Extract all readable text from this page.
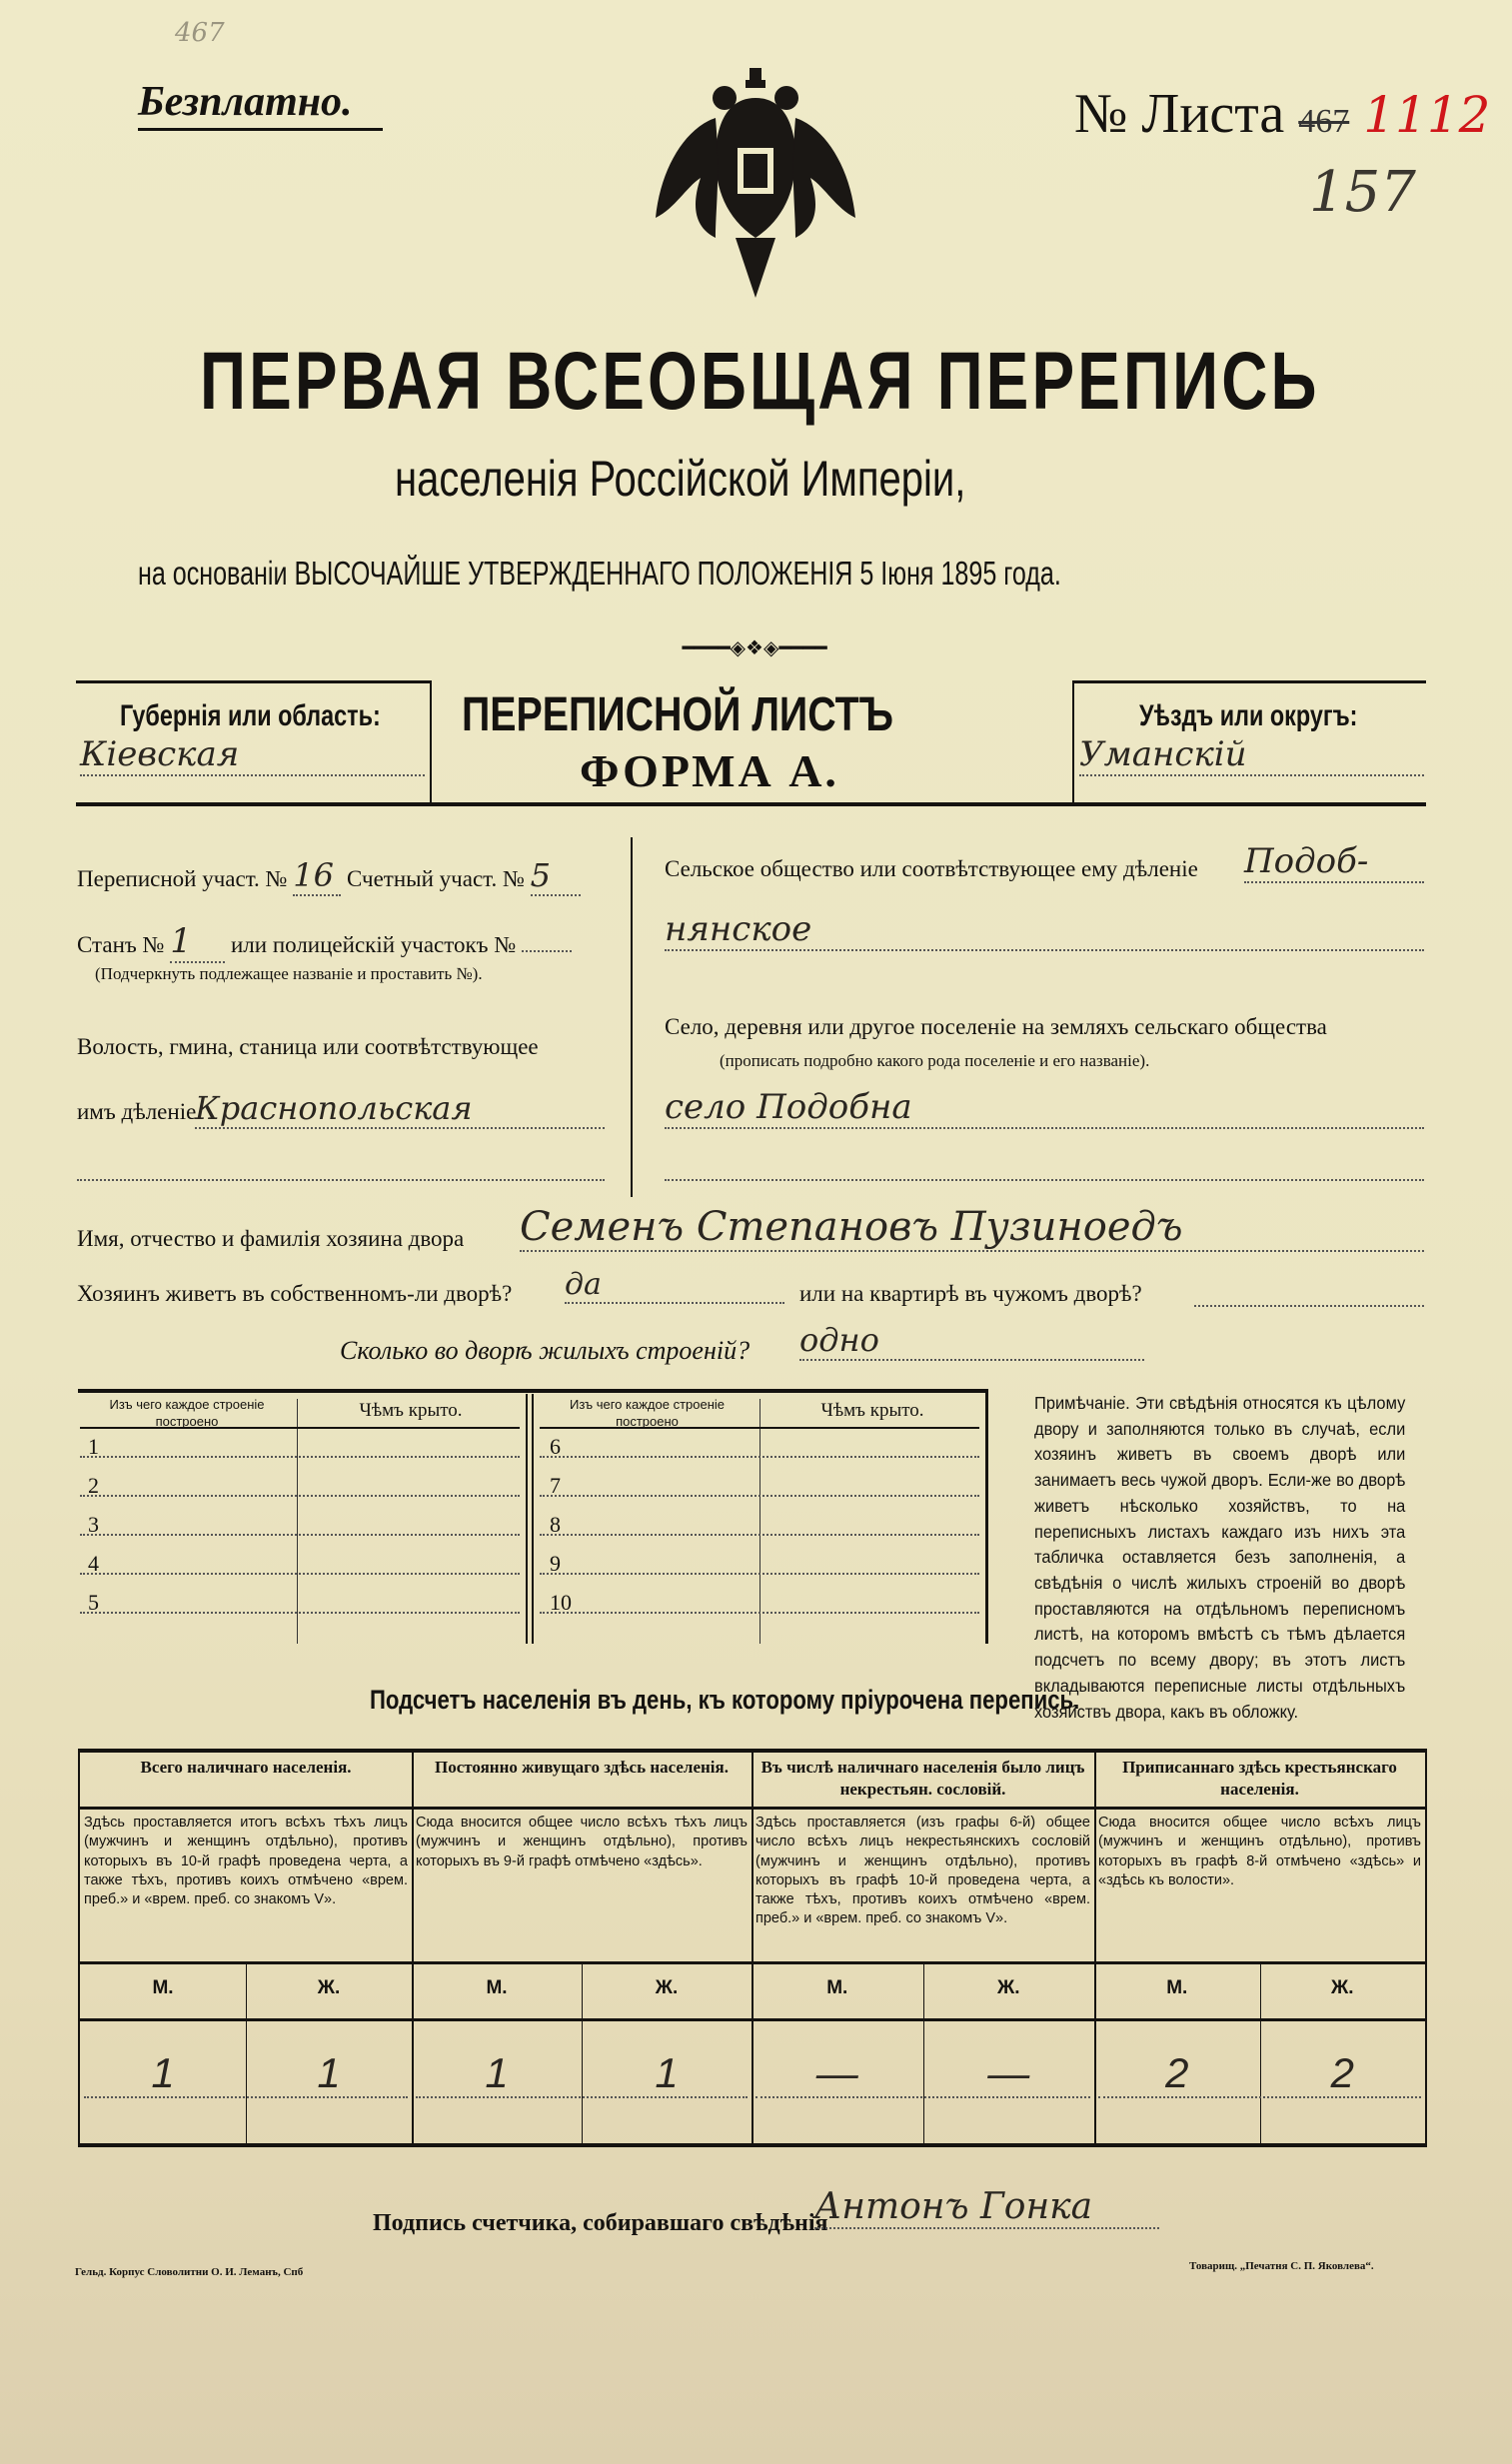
467
157
Безплатно.	№ Листа 467 1112
ПЕРВАЯ ВСЕОБЩАЯ ПЕРЕПИСЬ
населенія Россійской Имперіи,
на основаніи ВЫСОЧАЙШЕ УТВЕРЖДЕННАГО ПОЛОЖЕНІЯ 5 Іюня 1895 года.
━━━━◈❖◈━━━━
Губернія или область:
Кіевская
ПЕРЕПИСНОЙ ЛИСТЪ
ФОРМА А.
Уѣздъ или округъ:
Уманскій
Переписной участ. № 16 Счетный участ. № 5
Станъ № 1 или полицейскій участокъ №
(Подчеркнуть подлежащее названіе и проставить №).
Волость, гмина, станица или соотвѣтствующее
имъ дѣленіе
Краснопольская
Сельское общество или соотвѣтствующее ему дѣленіе Подоб-
нянское
Село, деревня или другое поселеніе на земляхъ сельскаго общества
(прописать подробно какого рода поселеніе и его названіе).
село Подобна
Имя, отчество и фамилія хозяина двора Семенъ Степановъ Пузиноедъ
Хозяинъ живетъ въ собственномъ-ли дворѣ? да	или на квартирѣ въ чужомъ дворѣ?
Сколько во дворѣ жилыхъ строеній? одно
Изъ чего каждое строеніе построено
Чѣмъ крыто.	Изъ чего каждое строеніе построено
Чѣмъ крыто.
1	6
2	7
3	8
4	9
5	10
Примѣчаніе. Эти свѣдѣнія относятся къ цѣлому двору и заполняются только въ случаѣ, если хозяинъ живетъ въ своемъ дворѣ или занимаетъ весь чужой дворъ. Если-же во дворѣ живетъ нѣсколько хозяйствъ, то на переписныхъ листахъ каждаго изъ нихъ эта табличка оставляется безъ заполненія, а свѣдѣнія о числѣ жилыхъ строеній во дворѣ проставляются на отдѣльномъ переписномъ листѣ, на которомъ вмѣстѣ съ тѣмъ дѣлается подсчетъ по всему двору; въ этотъ листъ вкладываются переписные листы отдѣльныхъ хозяйствъ двора, какъ въ обложку.
Подсчетъ населенія въ день, къ которому пріурочена перепись.
Всего наличнаго населенія.
Здѣсь проставляется итогъ всѣхъ тѣхъ лицъ (мужчинъ и женщинъ отдѣльно), противъ которыхъ въ 10-й графѣ проведена черта, а также тѣхъ, противъ коихъ отмѣчено «врем. преб.» и «врем. преб. со знакомъ V».
М.	Ж.
1	1
Постоянно живущаго здѣсь населенія.
Сюда вносится общее число всѣхъ тѣхъ лицъ (мужчинъ и женщинъ отдѣльно), противъ которыхъ въ 9-й графѣ отмѣчено «здѣсь».
М.	Ж.
1	1
Въ числѣ наличнаго населенія было лицъ некрестьян. сословій.
Здѣсь проставляется (изъ графы 6-й) общее число всѣхъ лицъ некрестьянскихъ сословій (мужчинъ и женщинъ отдѣльно), противъ которыхъ въ графѣ 10-й проведена черта, а также тѣхъ, противъ коихъ отмѣчено «врем. преб.» и «врем. преб. со знакомъ V».
М.	Ж.
—	—
Приписаннаго здѣсь крестьянскаго населенія.
Сюда вносится общее число всѣхъ лицъ (мужчинъ и женщинъ отдѣльно), противъ которыхъ въ графѣ 8-й отмѣчено «здѣсь» и «здѣсь къ волости».
М.	Ж.
2	2
Подпись счетчика, собиравшаго свѣдѣнія
Антонъ Гонка
Гельд. Корпус Словолитни О. И. Леманъ, Спб	Товарищ. „Печатня С. П. Яковлева“.
